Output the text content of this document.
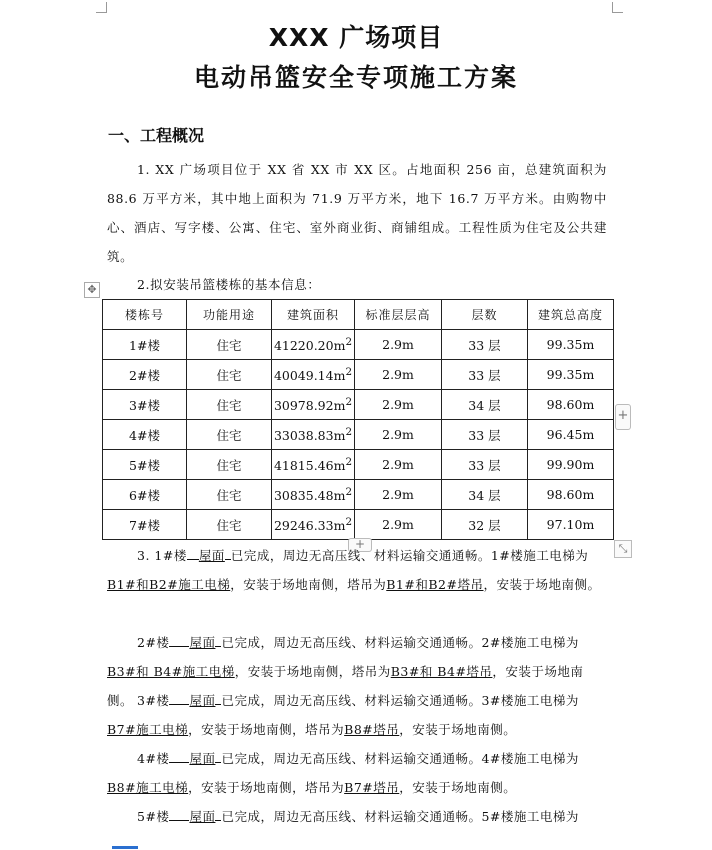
XXX 广场项目
电动吊篮安全专项施工方案
一、工程概况
1. XX 广场项目位于 XX 省 XX 市 XX 区。占地面积 256 亩，总建筑面积为 88.6 万平方米，其中地上面积为 71.9 万平方米，地下 16.7 万平方米。由购物中心、酒店、写字楼、公寓、住宅、室外商业街、商铺组成。工程性质为住宅及公共建筑。
2.拟安装吊篮楼栋的基本信息：
✥
楼栋号	功能用途	建筑面积	标准层层高	层数	建筑总高度
1#楼	住宅	$41220.20m^2$	2.9m	33 层	99.35m
2#楼	住宅	$40049.14m^2$	2.9m	33 层	99.35m
3#楼	住宅	$30978.92m^2$	2.9m	34 层	98.60m
4#楼	住宅	$33038.83m^2$	2.9m	33 层	96.45m
5#楼	住宅	$41815.46m^2$	2.9m	33 层	99.90m
6#楼	住宅	$30835.48m^2$	2.9m	34 层	98.60m
7#楼	住宅	$29246.33m^2$	2.9m	32 层	97.10m
+
+	⤡
3. 1#楼 屋面 已完成，周边无高压线、材料运输交通通畅。1#楼施工电梯为B1#和B2#施工电梯，安装于场地南侧，塔吊为B1#和B2#塔吊，安装于场地南侧。
2#楼 屋面 已完成，周边无高压线、材料运输交通通畅。2#楼施工电梯为B3#和 B4#施工电梯，安装于场地南侧，塔吊为B3#和 B4#塔吊，安装于场地南侧。 3#楼 屋面 已完成，周边无高压线、材料运输交通通畅。3#楼施工电梯为B7#施工电梯，安装于场地南侧，塔吊为B8#塔吊，安装于场地南侧。
4#楼 屋面 已完成，周边无高压线、材料运输交通通畅。4#楼施工电梯为B8#施工电梯，安装于场地南侧，塔吊为B7#塔吊，安装于场地南侧。
5#楼 屋面 已完成，周边无高压线、材料运输交通通畅。5#楼施工电梯为
